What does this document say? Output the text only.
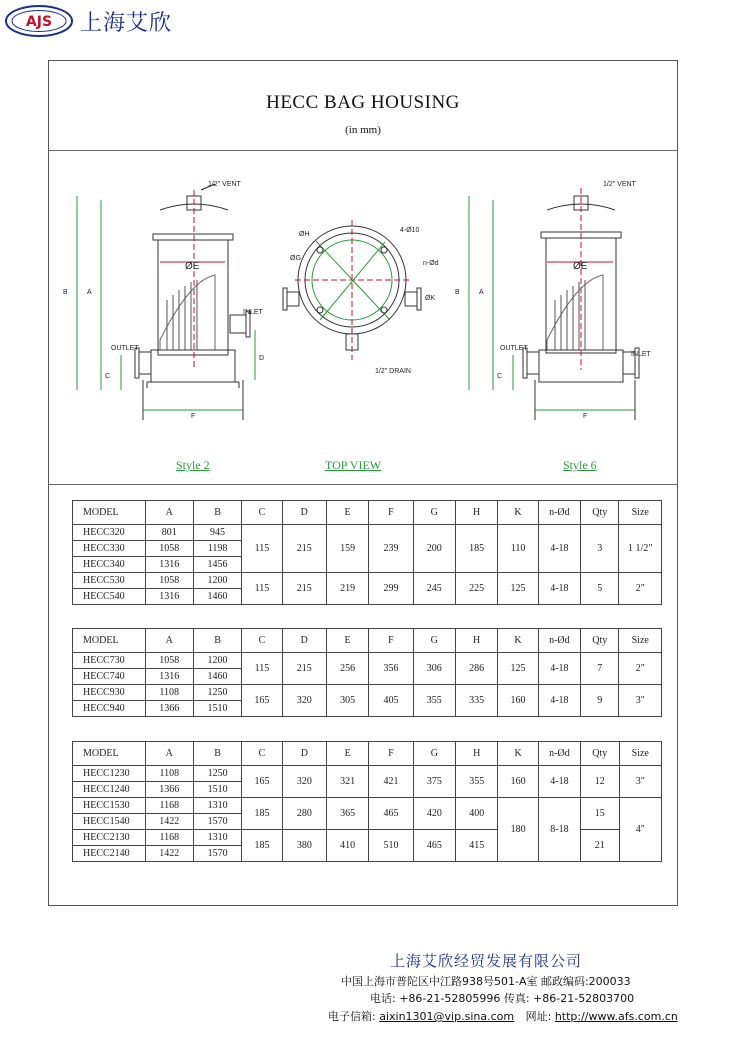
AJS 上海艾欣
HECC BAG HOUSING
(in mm)
1/2" VENT
INLET
OUTLET
ØE
B	A
C
D
F
ØH
ØG
4-Ø10
n-Ød
ØK
1/2" DRAIN
1/2" VENT
OUTLET
INLET
ØE
B	A
C
F
Style 2	TOP VIEW	Style 6
MODEL	A	B	C	D	E	F	G	H	K	n-Ød	Qty	Size
HECC320	801	945	115	215	159	239	200	185	110	4-18	3	1 1/2"
HECC330	1058	1198										
HECC340	1316	1456										
HECC530	1058	1200	115	215	219	299	245	225	125	4-18	5	2"
HECC540	1316	1460										
MODEL	A	B	C	D	E	F	G	H	K	n-Ød	Qty	Size
HECC730	1058	1200	115	215	256	356	306	286	125	4-18	7	2"
HECC740	1316	1460										
HECC930	1108	1250	165	320	305	405	355	335	160	4-18	9	3"
HECC940	1366	1510										
MODEL	A	B	C	D	E	F	G	H	K	n-Ød	Qty	Size
HECC1230	1108	1250	165	320	321	421	375	355	160	4-18	12	3"
HECC1240	1366	1510										
HECC1530	1168	1310	185	280	365	465	420	400	180	8-18	15	4"
HECC1540	1422	1570										
HECC2130	1168	1310	185	380	410	510	465	415			21	
HECC2140	1422	1570										
上海艾欣经贸发展有限公司
中国上海市普陀区中江路938号501-A室 邮政编码:200033
电话: +86-21-52805996 传真: +86-21-52803700
电子信箱: aixin1301@vip.sina.com 网址: http://www.afs.com.cn
